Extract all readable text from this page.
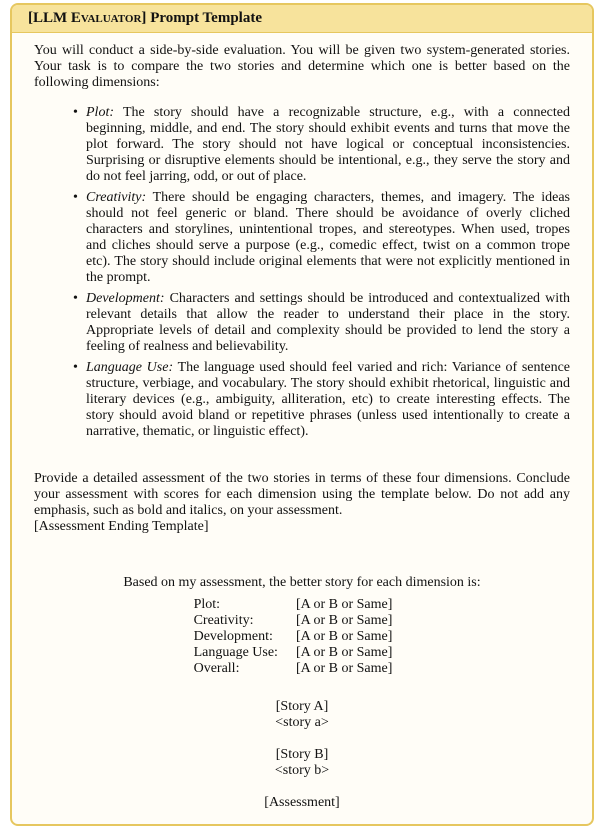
[LLM Evaluator] Prompt Template

You will conduct a side-by-side evaluation. You will be given two system-generated stories. Your task is to compare the two stories and determine which one is better based on the following dimensions:

• Plot: The story should have a recognizable structure, e.g., with a connected beginning, middle, and end. The story should exhibit events and turns that move the plot forward. The story should not have logical or conceptual inconsistencies. Surprising or disruptive elements should be intentional, e.g., they serve the story and do not feel jarring, odd, or out of place.
• Creativity: There should be engaging characters, themes, and imagery. The ideas should not feel generic or bland. There should be avoidance of overly cliched characters and storylines, unintentional tropes, and stereotypes. When used, tropes and cliches should serve a purpose (e.g., comedic effect, twist on a common trope etc). The story should include original elements that were not explicitly mentioned in the prompt.
• Development: Characters and settings should be introduced and contextualized with relevant details that allow the reader to understand their place in the story. Appropriate levels of detail and complexity should be provided to lend the story a feeling of realness and believability.
• Language Use: The language used should feel varied and rich: Variance of sentence structure, verbiage, and vocabulary. The story should exhibit rhetorical, linguistic and literary devices (e.g., ambiguity, alliteration, etc) to create interesting effects. The story should avoid bland or repetitive phrases (unless used intentionally to create a narrative, thematic, or linguistic effect).

Provide a detailed assessment of the two stories in terms of these four dimensions. Conclude your assessment with scores for each dimension using the template below. Do not add any emphasis, such as bold and italics, on your assessment.

[Assessment Ending Template]

Based on my assessment, the better story for each dimension is:
Plot:	[A or B or Same]
Creativity:	[A or B or Same]
Development:	[A or B or Same]
Language Use:	[A or B or Same]
Overall:	[A or B or Same]
[Story A]
<story a>
[Story B]
<story b>
[Assessment]
